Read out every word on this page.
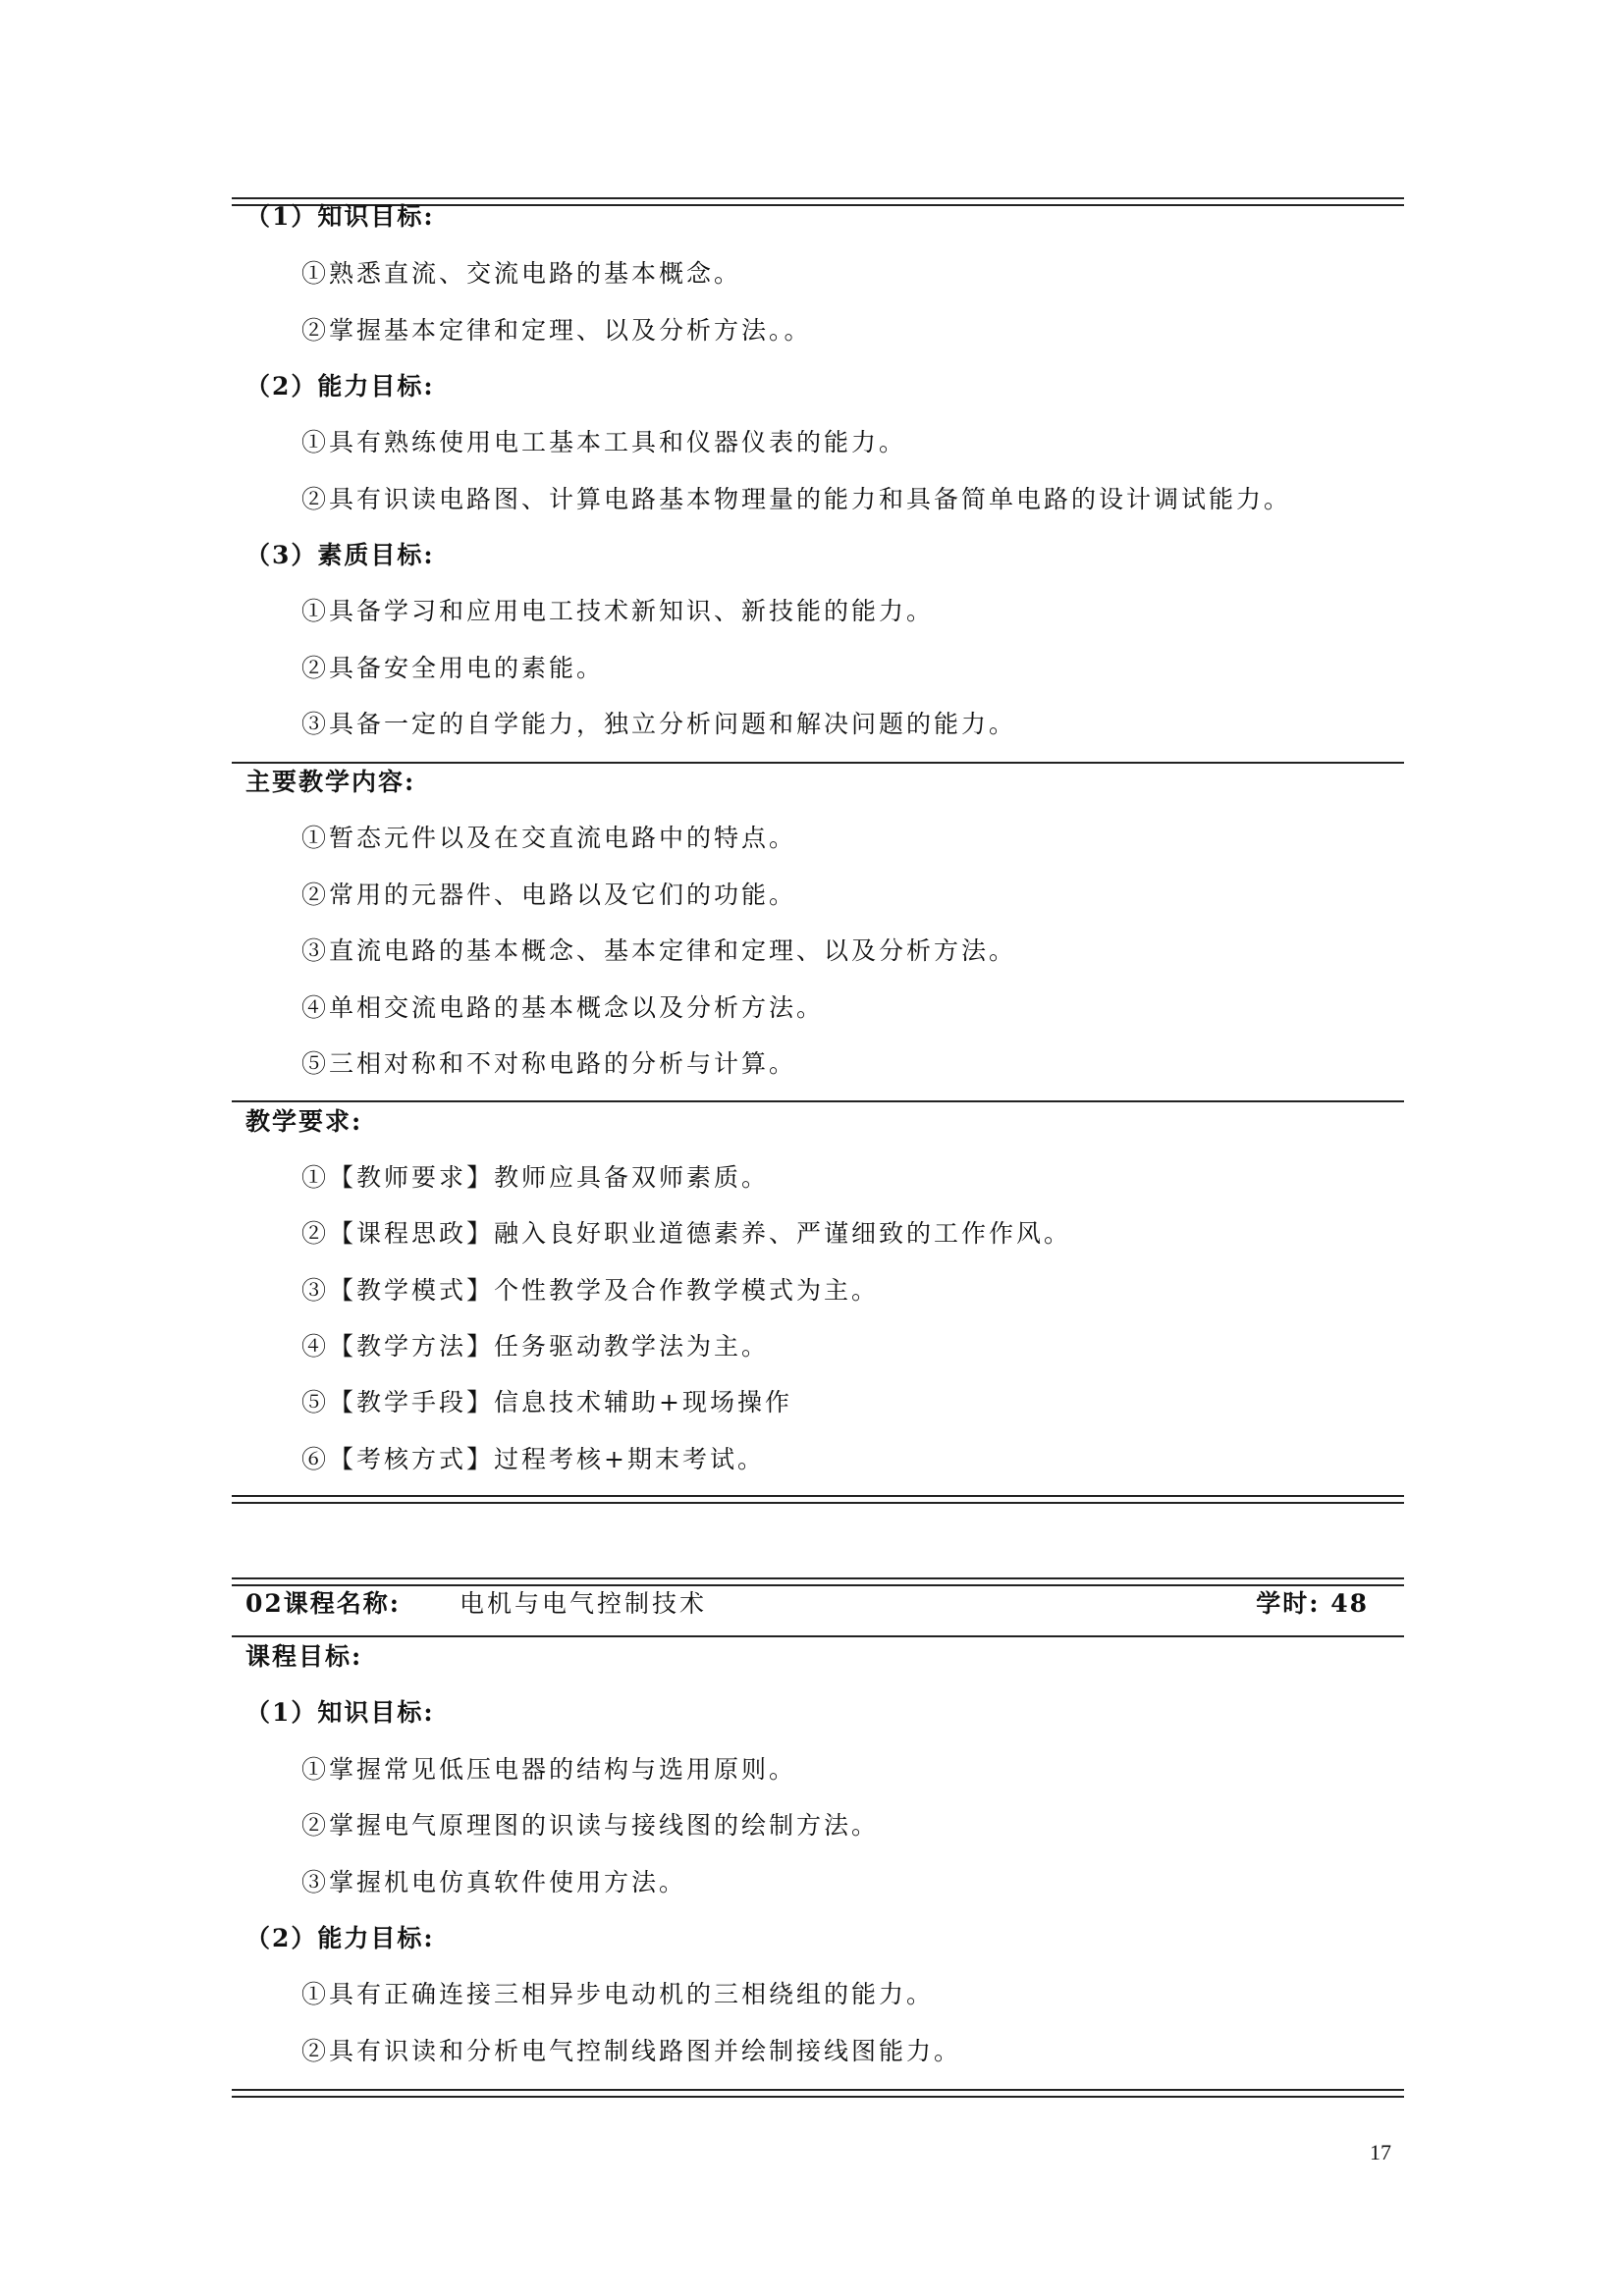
（1）知识目标:
①熟悉直流、交流电路的基本概念。
②掌握基本定律和定理、以及分析方法。。
（2）能力目标:
①具有熟练使用电工基本工具和仪器仪表的能力。
②具有识读电路图、计算电路基本物理量的能力和具备简单电路的设计调试能力。
（3）素质目标:
①具备学习和应用电工技术新知识、新技能的能力。
②具备安全用电的素能。
③具备一定的自学能力，独立分析问题和解决问题的能力。
主要教学内容:
①暂态元件以及在交直流电路中的特点。
②常用的元器件、电路以及它们的功能。
③直流电路的基本概念、基本定律和定理、以及分析方法。
④单相交流电路的基本概念以及分析方法。
⑤三相对称和不对称电路的分析与计算。
教学要求:
①【教师要求】教师应具备双师素质。
②【课程思政】融入良好职业道德素养、严谨细致的工作作风。
③【教学模式】个性教学及合作教学模式为主。
④【教学方法】任务驱动教学法为主。
⑤【教学手段】信息技术辅助+现场操作
⑥【考核方式】过程考核+期末考试。
02课程名称: 电机与电气控制技术	学时: 48
课程目标:
（1）知识目标:
①掌握常见低压电器的结构与选用原则。
②掌握电气原理图的识读与接线图的绘制方法。
③掌握机电仿真软件使用方法。
（2）能力目标:
①具有正确连接三相异步电动机的三相绕组的能力。
②具有识读和分析电气控制线路图并绘制接线图能力。
17
